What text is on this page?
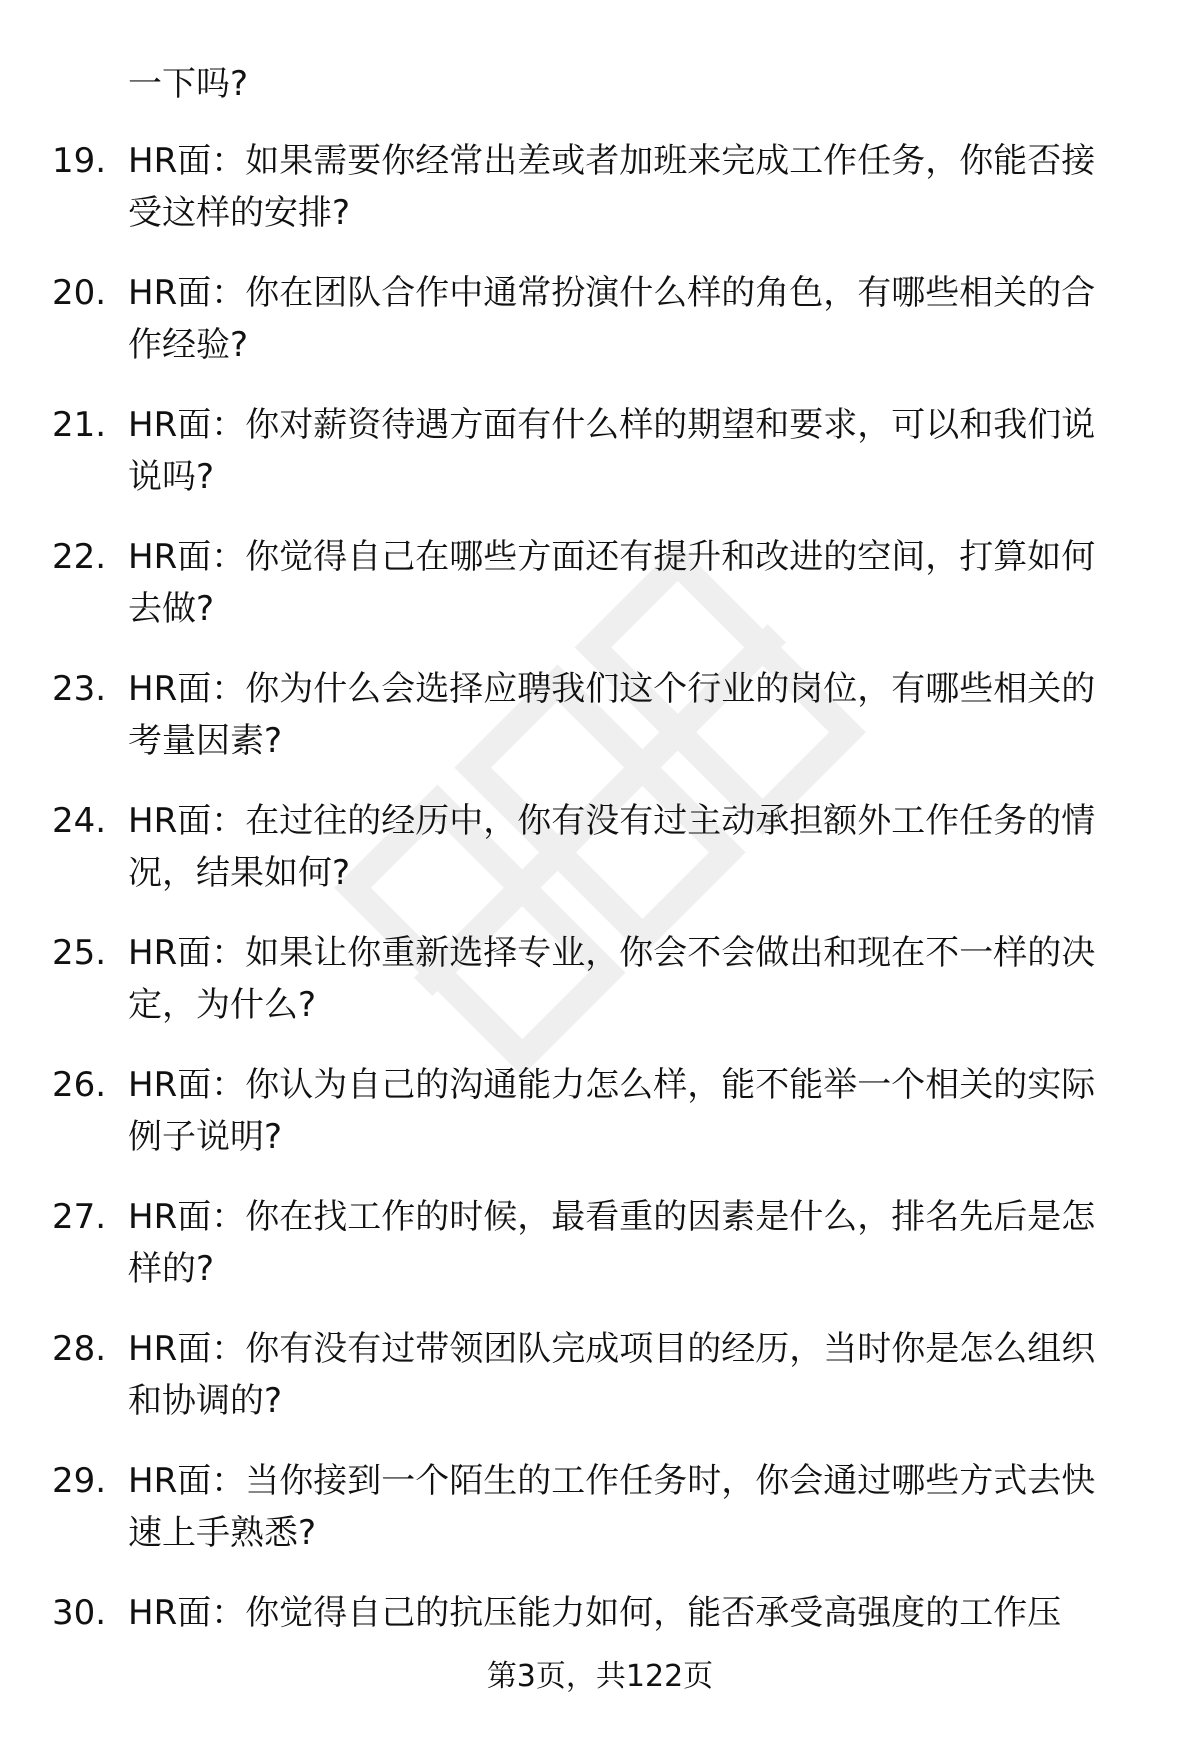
一下吗?
19. HR面：如果需要你经常出差或者加班来完成工作任务，你能否接
受这样的安排?
20. HR面：你在团队合作中通常扮演什么样的角色，有哪些相关的合
作经验?
21. HR面：你对薪资待遇方面有什么样的期望和要求，可以和我们说
说吗?
22. HR面：你觉得自己在哪些方面还有提升和改进的空间，打算如何
去做?
23. HR面：你为什么会选择应聘我们这个行业的岗位，有哪些相关的
考量因素?
24. HR面：在过往的经历中，你有没有过主动承担额外工作任务的情
况，结果如何?
25. HR面：如果让你重新选择专业，你会不会做出和现在不一样的决
定，为什么?
26. HR面：你认为自己的沟通能力怎么样，能不能举一个相关的实际
例子说明?
27. HR面：你在找工作的时候，最看重的因素是什么，排名先后是怎
样的?
28. HR面：你有没有过带领团队完成项目的经历，当时你是怎么组织
和协调的?
29. HR面：当你接到一个陌生的工作任务时，你会通过哪些方式去快
速上手熟悉?
30. HR面：你觉得自己的抗压能力如何，能否承受高强度的工作压
第3页，共122页
